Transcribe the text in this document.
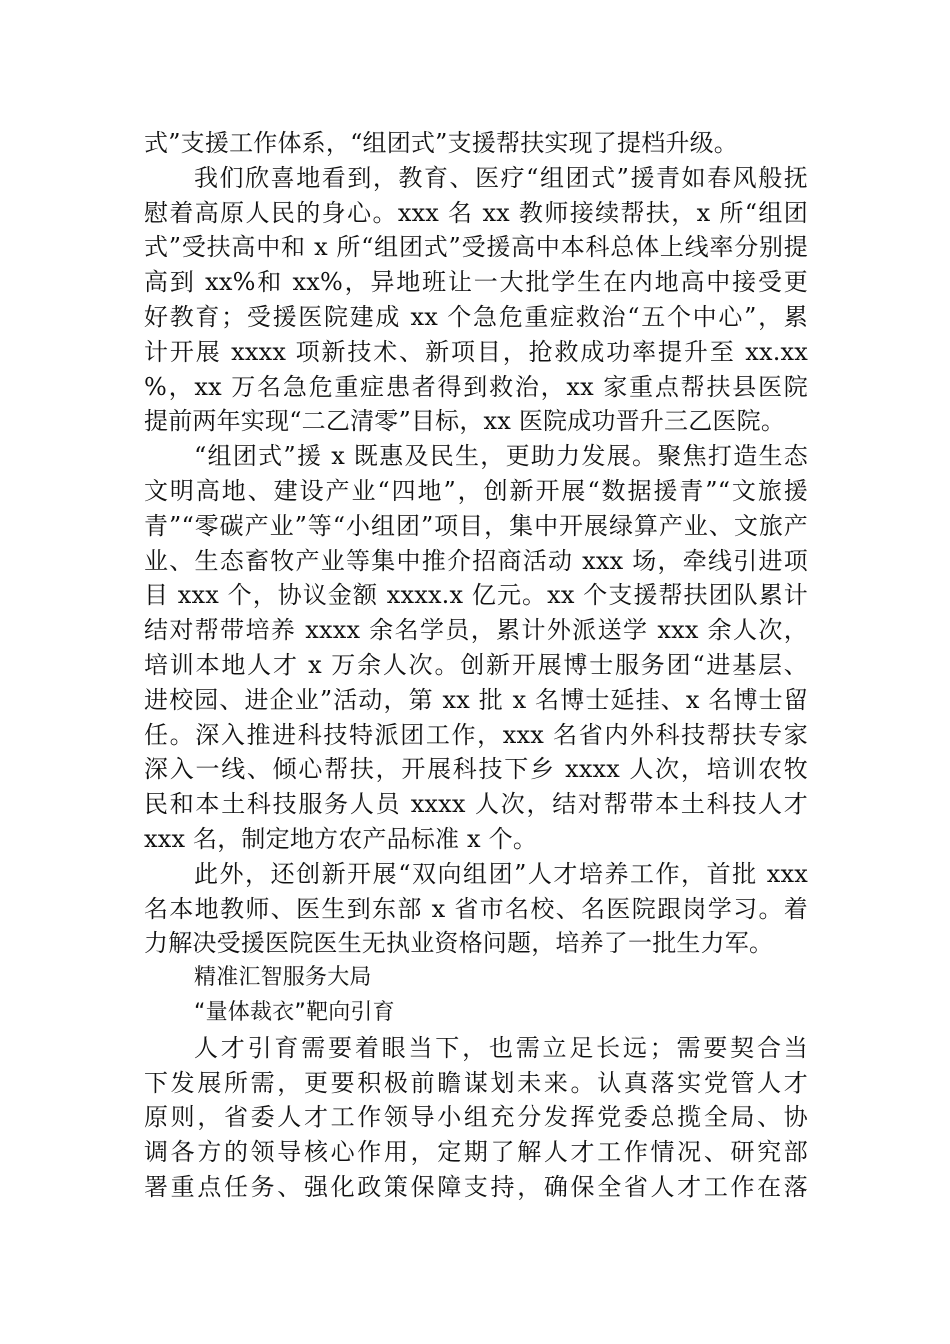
式”支援工作体系，“组团式”支援帮扶实现了提档升级。
我们欣喜地看到，教育、医疗“组团式”援青如春风般抚
慰着高原人民的身心。xxx 名 xx 教师接续帮扶，x 所“组团
式”受扶高中和 x 所“组团式”受援高中本科总体上线率分别提
高到 xx%和 xx%，异地班让一大批学生在内地高中接受更
好教育；受援医院建成 xx 个急危重症救治“五个中心”，累
计开展 xxxx 项新技术、新项目，抢救成功率提升至 xx.xx
%，xx 万名急危重症患者得到救治，xx 家重点帮扶县医院
提前两年实现“二乙清零”目标，xx 医院成功晋升三乙医院。
“组团式”援 x 既惠及民生，更助力发展。聚焦打造生态
文明高地、建设产业“四地”，创新开展“数据援青”“文旅援
青”“零碳产业”等“小组团”项目，集中开展绿算产业、文旅产
业、生态畜牧产业等集中推介招商活动 xxx 场，牵线引进项
目 xxx 个，协议金额 xxxx.x 亿元。xx 个支援帮扶团队累计
结对帮带培养 xxxx 余名学员，累计外派送学 xxx 余人次，
培训本地人才 x 万余人次。创新开展博士服务团“进基层、
进校园、进企业”活动，第 xx 批 x 名博士延挂、x 名博士留
任。深入推进科技特派团工作，xxx 名省内外科技帮扶专家
深入一线、倾心帮扶，开展科技下乡 xxxx 人次，培训农牧
民和本土科技服务人员 xxxx 人次，结对帮带本土科技人才
xxx 名，制定地方农产品标准 x 个。
此外，还创新开展“双向组团”人才培养工作，首批 xxx
名本地教师、医生到东部 x 省市名校、名医院跟岗学习。着
力解决受援医院医生无执业资格问题，培养了一批生力军。
精准汇智服务大局
“量体裁衣”靶向引育
人才引育需要着眼当下，也需立足长远；需要契合当
下发展所需，更要积极前瞻谋划未来。认真落实党管人才
原则，省委人才工作领导小组充分发挥党委总揽全局、协
调各方的领导核心作用，定期了解人才工作情况、研究部
署重点任务、强化政策保障支持，确保全省人才工作在落
